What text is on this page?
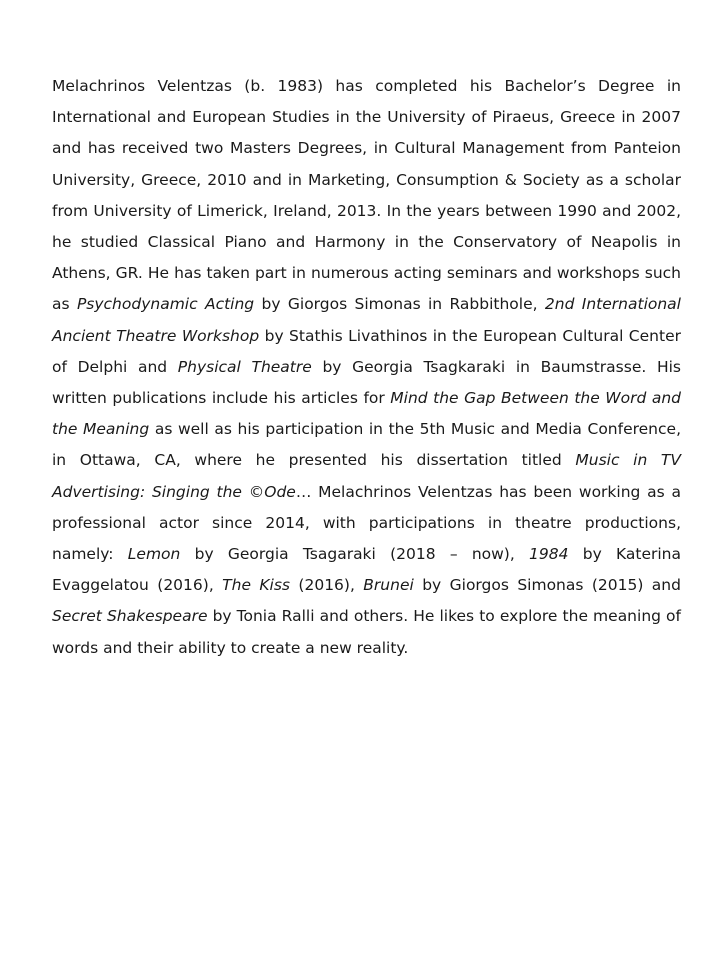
Melachrinos Velentzas (b. 1983) has completed his Bachelor’s Degree in International and European Studies in the University of Piraeus, Greece in 2007 and has received two Masters Degrees, in Cultural Management from Panteion University, Greece, 2010 and in Marketing, Consumption & Society as a scholar from University of Limerick, Ireland, 2013. In the years between 1990 and 2002, he studied Classical Piano and Harmony in the Conservatory of Neapolis in Athens, GR. He has taken part in numerous acting seminars and workshops such as Psychodynamic Acting by Giorgos Simonas in Rabbithole, 2nd International Ancient Theatre Workshop by Stathis Livathinos in the European Cultural Center of Delphi and Physical Theatre by Georgia Tsagkaraki in Baumstrasse. His written publications include his articles for Mind the Gap Between the Word and the Meaning as well as his participation in the 5th Music and Media Conference, in Ottawa, CA, where he presented his dissertation titled Music in TV Advertising: Singing the ©Ode… Melachrinos Velentzas has been working as a professional actor since 2014, with participations in theatre productions, namely: Lemon by Georgia Tsagaraki (2018 – now), 1984 by Katerina Evaggelatou (2016), The Kiss (2016), Brunei by Giorgos Simonas (2015) and Secret Shakespeare by Tonia Ralli and others. He likes to explore the meaning of words and their ability to create a new reality.
